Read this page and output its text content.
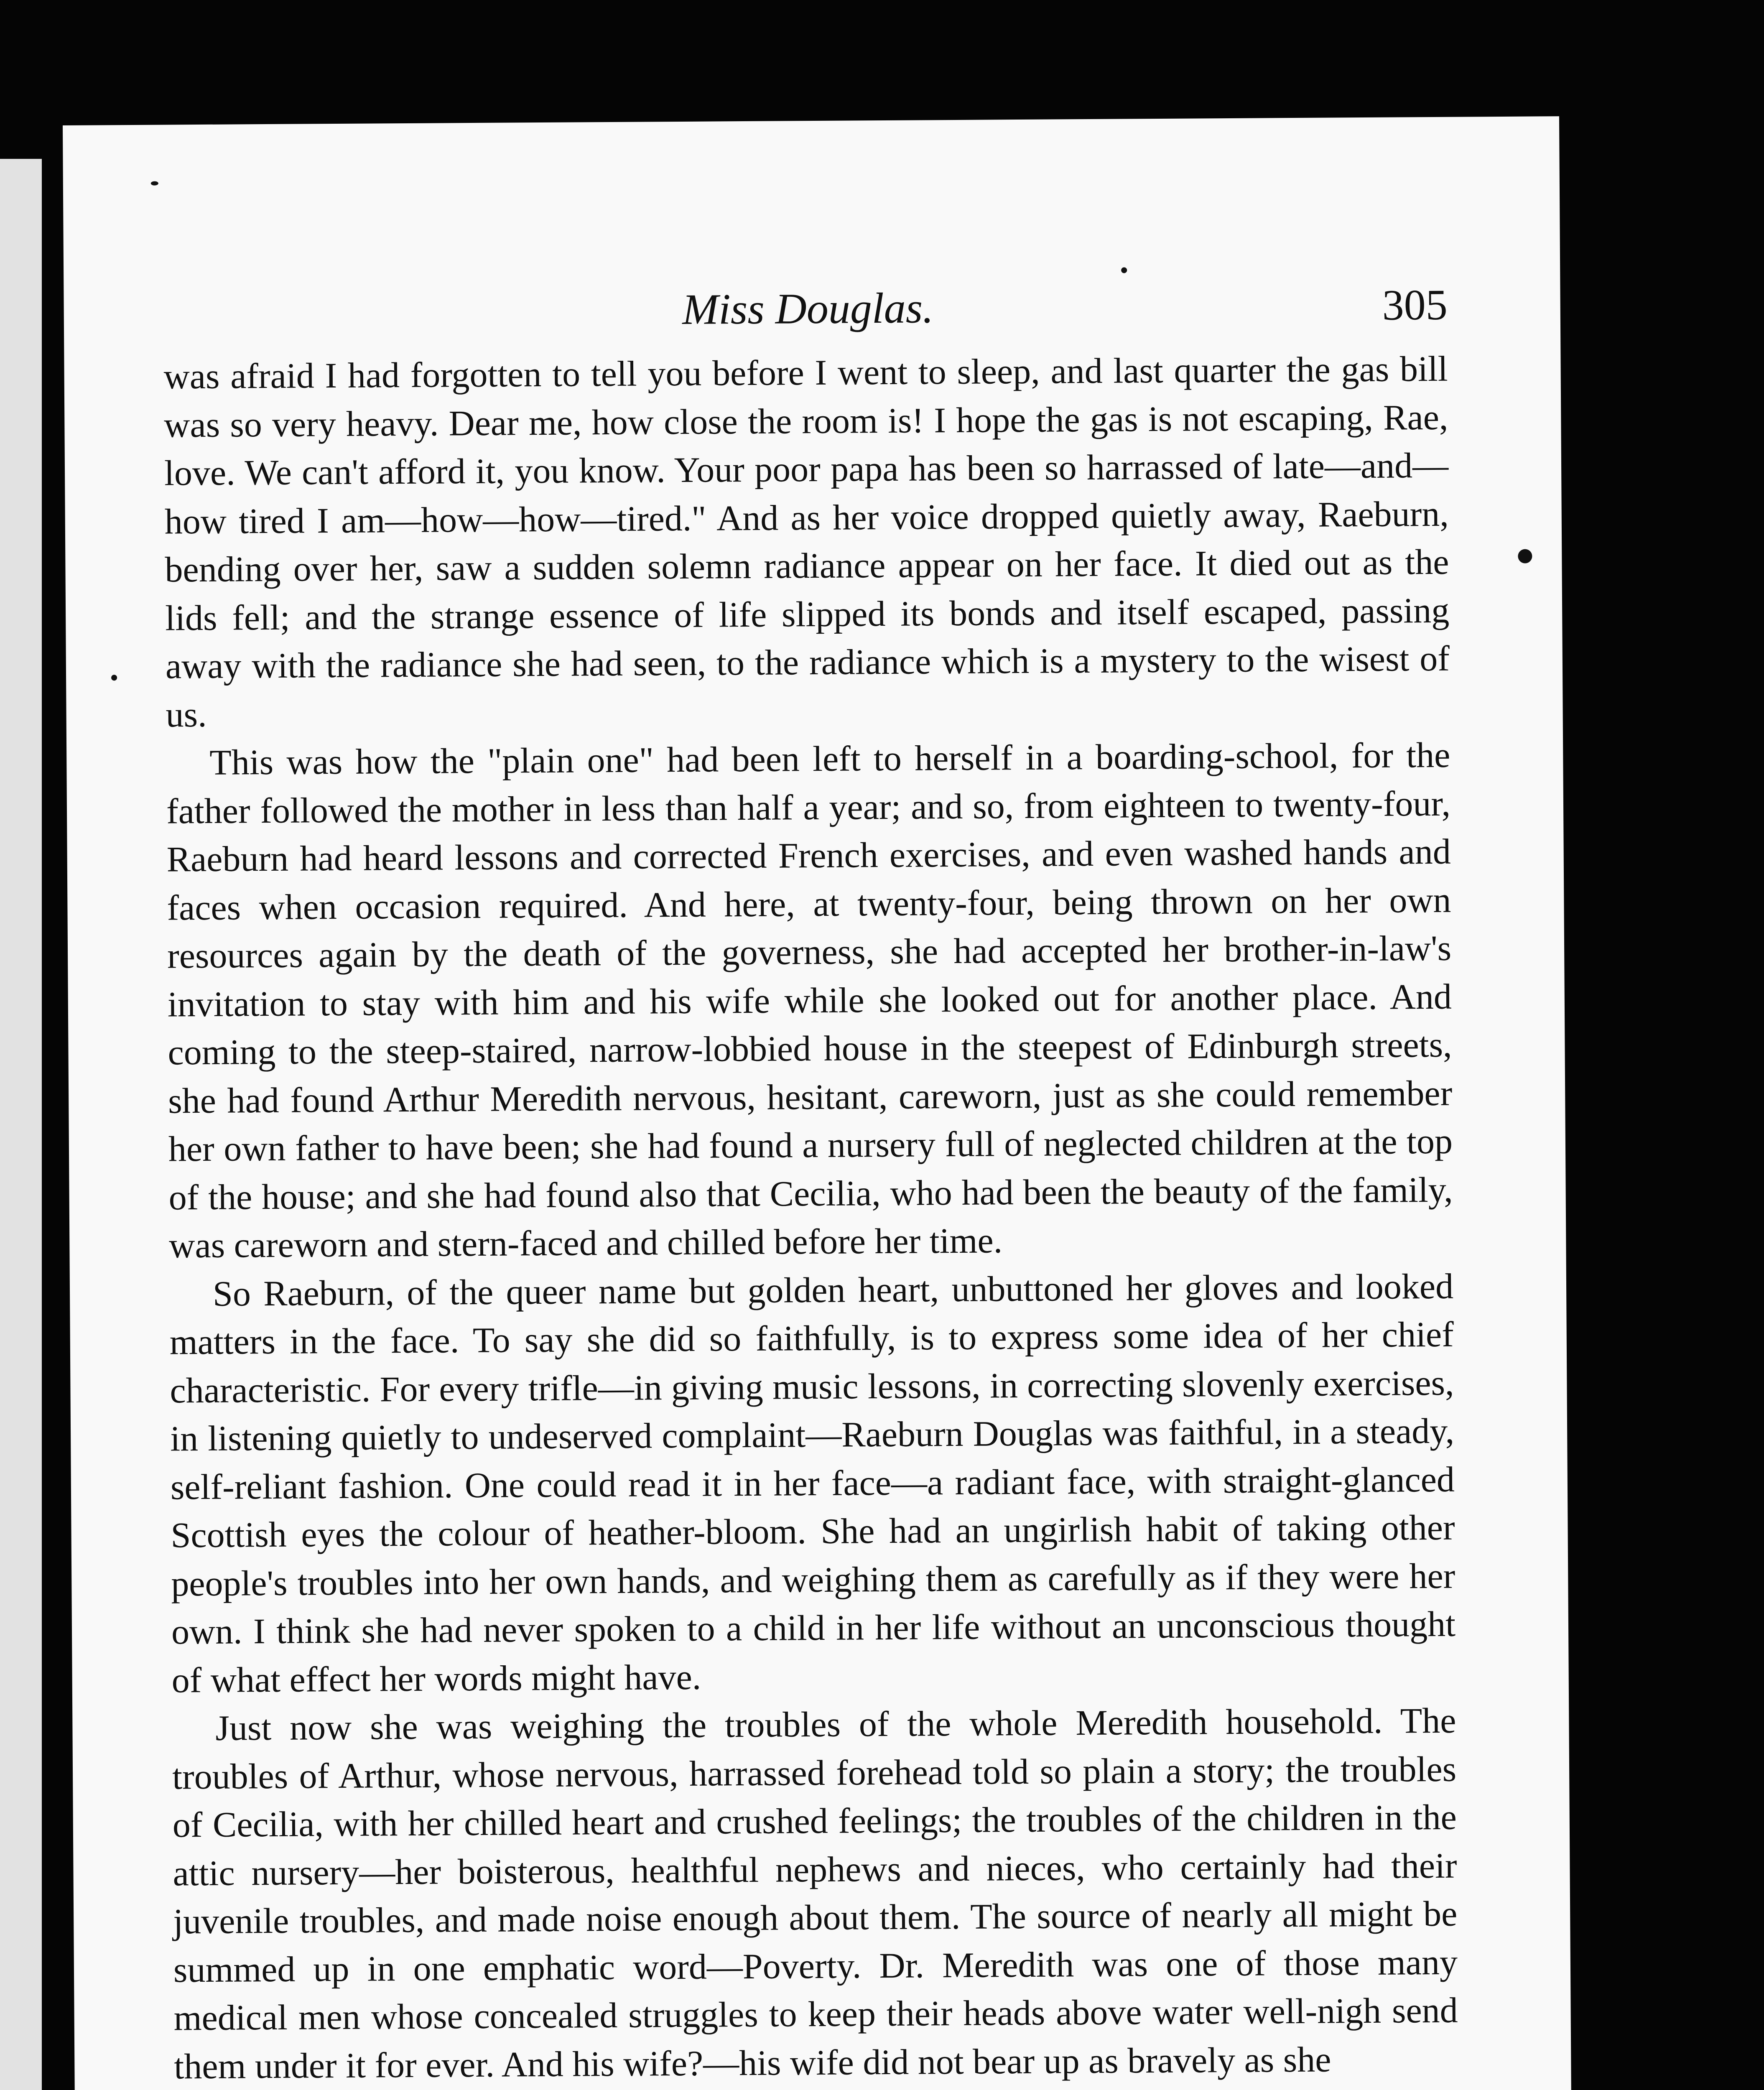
Miss Douglas.	305

was afraid I had forgotten to tell you before I went to sleep, and last quarter the gas bill was so very heavy. Dear me, how close the room is! I hope the gas is not escaping, Rae, love. We can't afford it, you know. Your poor papa has been so harrassed of late—and—how tired I am—how—how—tired." And as her voice dropped quietly away, Raeburn, bending over her, saw a sudden solemn radiance appear on her face. It died out as the lids fell; and the strange essence of life slipped its bonds and itself escaped, passing away with the radiance she had seen, to the radiance which is a mystery to the wisest of us.

This was how the "plain one" had been left to herself in a boarding-school, for the father followed the mother in less than half a year; and so, from eighteen to twenty-four, Raeburn had heard lessons and corrected French exercises, and even washed hands and faces when occasion required. And here, at twenty-four, being thrown on her own resources again by the death of the governess, she had accepted her brother-in-law's invitation to stay with him and his wife while she looked out for another place. And coming to the steep-staired, narrow-lobbied house in the steepest of Edinburgh streets, she had found Arthur Meredith nervous, hesitant, careworn, just as she could remember her own father to have been; she had found a nursery full of neglected children at the top of the house; and she had found also that Cecilia, who had been the beauty of the family, was careworn and stern-faced and chilled before her time.

So Raeburn, of the queer name but golden heart, unbuttoned her gloves and looked matters in the face. To say she did so faithfully, is to express some idea of her chief characteristic. For every trifle—in giving music lessons, in correcting slovenly exercises, in listening quietly to undeserved complaint—Raeburn Douglas was faithful, in a steady, self-reliant fashion. One could read it in her face—a radiant face, with straight-glanced Scottish eyes the colour of heather-bloom. She had an ungirlish habit of taking other people's troubles into her own hands, and weighing them as carefully as if they were her own. I think she had never spoken to a child in her life without an unconscious thought of what effect her words might have.

Just now she was weighing the troubles of the whole Meredith household. The troubles of Arthur, whose nervous, harrassed forehead told so plain a story; the troubles of Cecilia, with her chilled heart and crushed feelings; the troubles of the children in the attic nursery—her boisterous, healthful nephews and nieces, who certainly had their juvenile troubles, and made noise enough about them. The source of nearly all might be summed up in one emphatic word—Poverty. Dr. Meredith was one of those many medical men whose concealed struggles to keep their heads above water well-nigh send them under it for ever. And his wife?—his wife did not bear up as bravely as she
